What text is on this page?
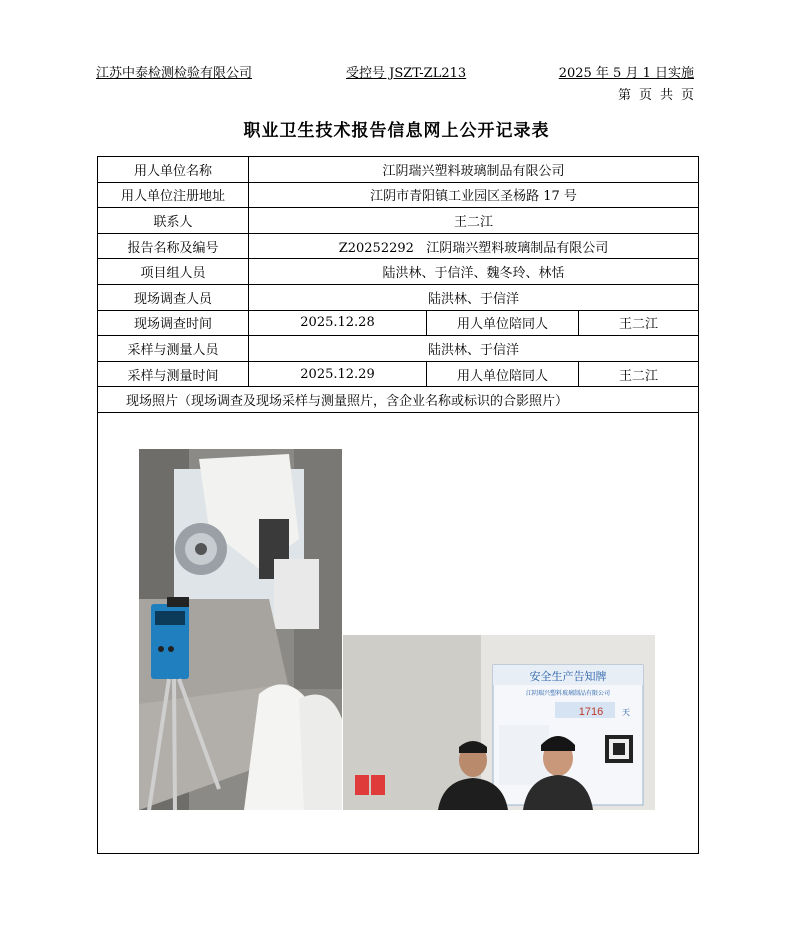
江苏中泰检测检验有限公司	受控号 JSZT-ZL213	2025 年 5 月 1 日实施
第 页 共 页
职业卫生技术报告信息网上公开记录表
用人单位名称	江阴瑞兴塑料玻璃制品有限公司		
用人单位注册地址	江阴市青阳镇工业园区圣杨路 17 号		
联系人	王二江		
报告名称及编号	Z20252292   江阴瑞兴塑料玻璃制品有限公司		
项目组人员	陆洪林、于信洋、魏冬玲、林恬		
现场调查人员	陆洪林、于信洋		
现场调查时间	2025.12.28	用人单位陪同人	王二江
采样与测量人员	陆洪林、于信洋		
采样与测量时间	2025.12.29	用人单位陪同人	王二江
现场照片（现场调查及现场采样与测量照片，含企业名称或标识的合影照片）			

安全生产告知牌
江阴瑞兴塑料玻璃制品有限公司
1716 天			
